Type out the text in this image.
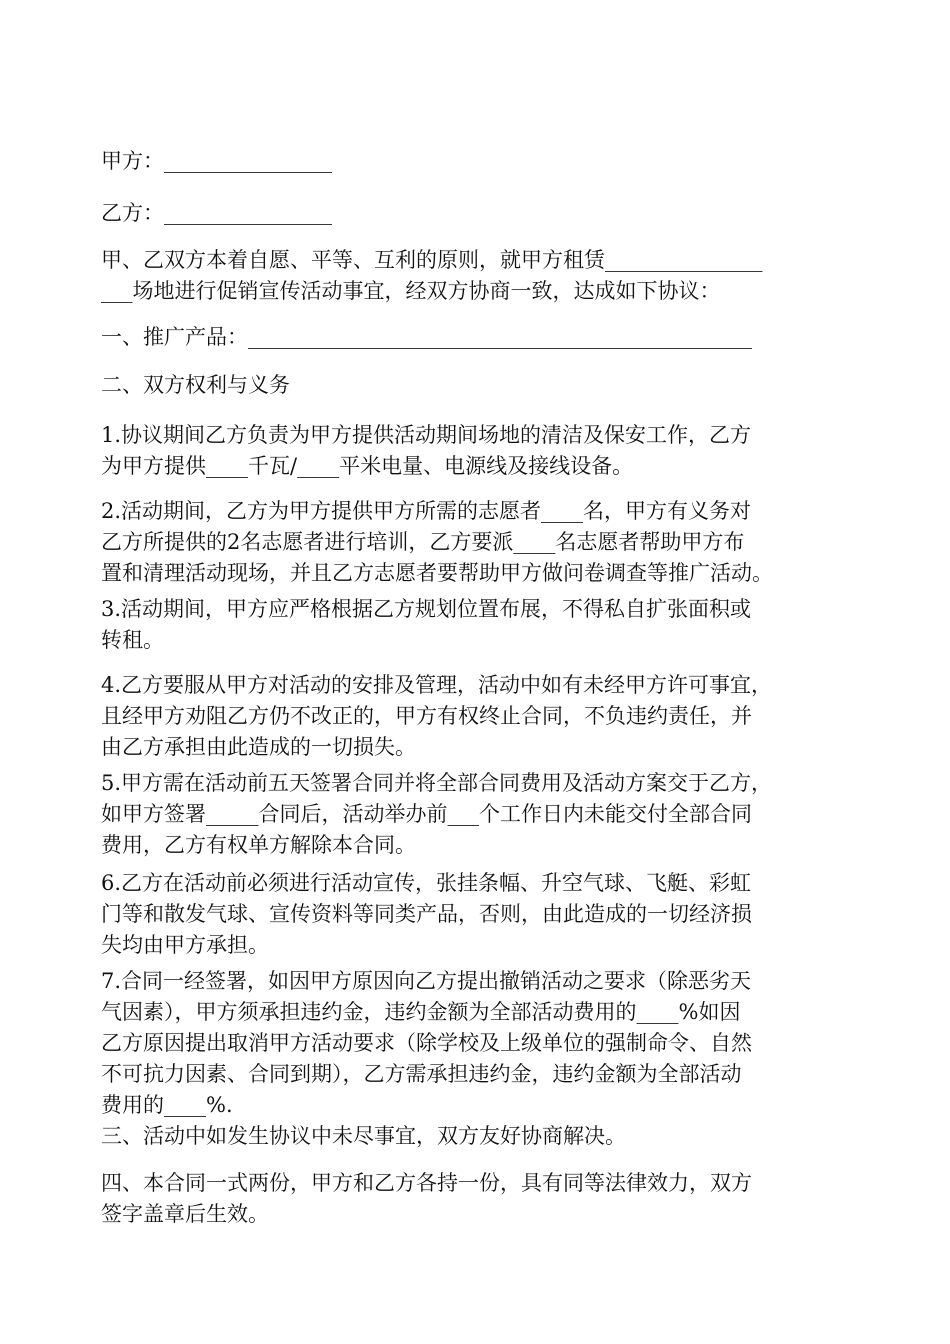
甲方：________________

乙方：________________

甲、乙双方本着自愿、平等、互利的原则，就甲方租赁_______________
___场地进行促销宣传活动事宜，经双方协商一致，达成如下协议：

一、推广产品：________________________________________________

二、双方权利与义务

1.协议期间乙方负责为甲方提供活动期间场地的清洁及保安工作，乙方
为甲方提供____千瓦/____平米电量、电源线及接线设备。

2.活动期间，乙方为甲方提供甲方所需的志愿者____名，甲方有义务对
乙方所提供的2名志愿者进行培训，乙方要派____名志愿者帮助甲方布
置和清理活动现场，并且乙方志愿者要帮助甲方做问卷调查等推广活动。

3.活动期间，甲方应严格根据乙方规划位置布展，不得私自扩张面积或
转租。

4.乙方要服从甲方对活动的安排及管理，活动中如有未经甲方许可事宜，
且经甲方劝阻乙方仍不改正的，甲方有权终止合同，不负违约责任，并
由乙方承担由此造成的一切损失。

5.甲方需在活动前五天签署合同并将全部合同费用及活动方案交于乙方，
如甲方签署_____合同后，活动举办前___个工作日内未能交付全部合同
费用，乙方有权单方解除本合同。

6.乙方在活动前必须进行活动宣传，张挂条幅、升空气球、飞艇、彩虹
门等和散发气球、宣传资料等同类产品，否则，由此造成的一切经济损
失均由甲方承担。

7.合同一经签署，如因甲方原因向乙方提出撤销活动之要求（除恶劣天
气因素），甲方须承担违约金，违约金额为全部活动费用的____%如因
乙方原因提出取消甲方活动要求（除学校及上级单位的强制命令、自然
不可抗力因素、合同到期），乙方需承担违约金，违约金额为全部活动
费用的____%.

三、活动中如发生协议中未尽事宜，双方友好协商解决。

四、本合同一式两份，甲方和乙方各持一份，具有同等法律效力，双方
签字盖章后生效。
